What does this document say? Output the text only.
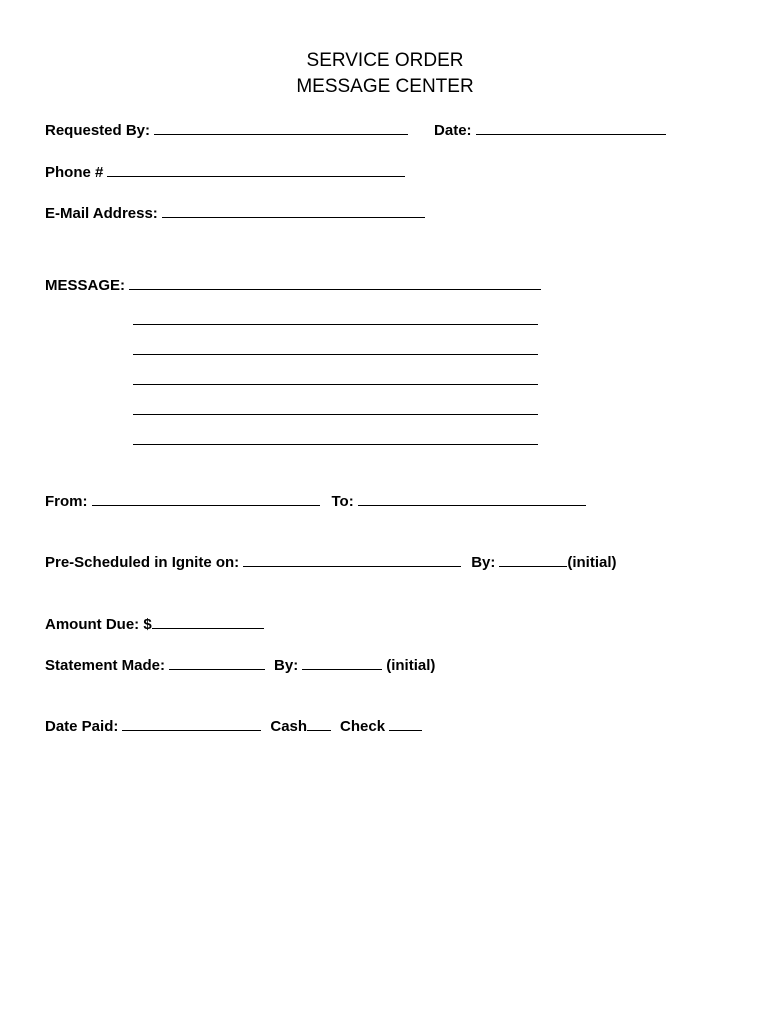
SERVICE ORDER
MESSAGE CENTER
Requested By:	Date:
Phone #
E-Mail Address:
MESSAGE:
From:	To:
Pre-Scheduled in Ignite on:	By:	(initial)
Amount Due: $
Statement Made:	By:	(initial)
Date Paid:	Cash Check
